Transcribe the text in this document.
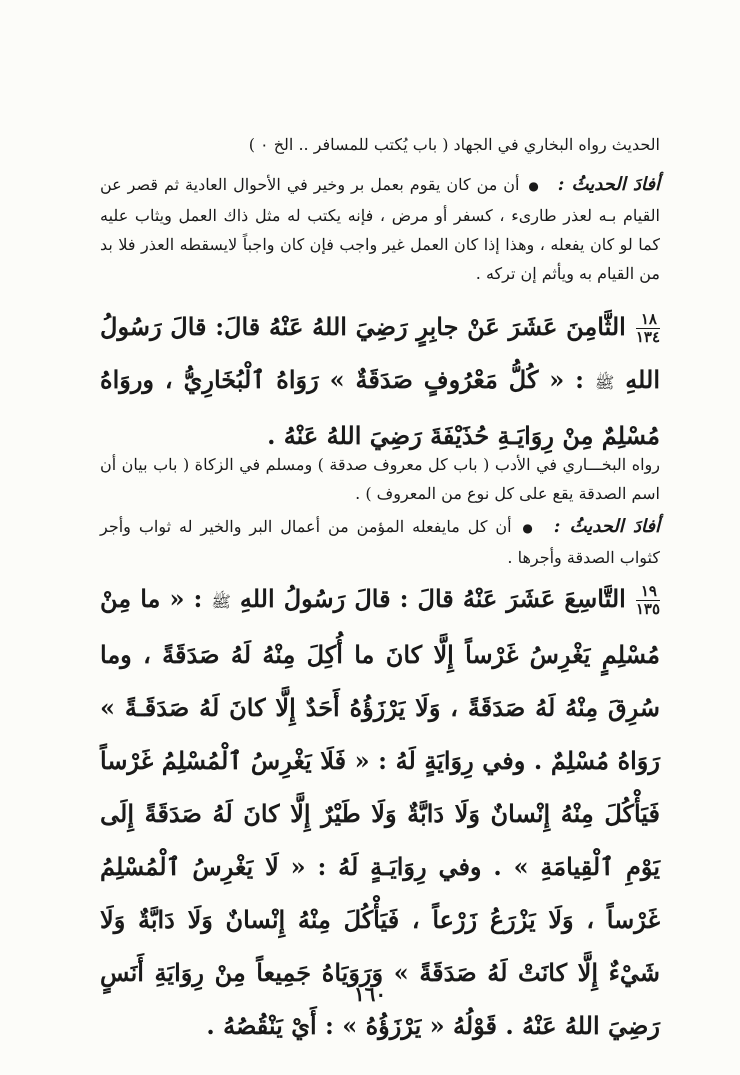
الحديث رواه البخاري في الجهاد ( باب يُكتب للمسافر .. الخ ٠ )
أفادَ الحديثُ :●أن من كان يقوم بعمل بر وخير في الأحوال العادية ثم قصر عن القيام بـه لعذر طارىء ، كسفر أو مرض ، فإنه يكتب له مثل ذاك العمل ويثاب عليه كما لو كان يفعله ، وهذا إذا كان العمل غير واجب فإن كان واجباً لايسقطه العذر فلا بد من القيام به ويأثم إن تركه .
١٨
١٣٤
الثَّامِنَ عَشَرَ عَنْ جابِرٍ رَضِيَ اللهُ عَنْهُ قالَ: قالَ رَسُولُ اللهِ ﷺ : « كُلُّ مَعْرُوفٍ صَدَقَةٌ » رَوَاهُ ٱلْبُخَارِيُّ ، وروَاهُ مُسْلِمٌ مِنْ رِوَايَـةِ حُذَيْفَةَ رَضِيَ اللهُ عَنْهُ .
رواه البخـــاري في الأدب ( باب كل معروف صدقة ) ومسلم في الزكاة ( باب بيان أن اسم الصدقة يقع على كل نوع من المعروف ) .
أفادَ الحديثُ :●أن كل مايفعله المؤمن من أعمال البر والخير له ثواب وأجر كثواب الصدقة وأجرها .
١٩
١٣٥
التَّاسِعَ عَشَرَ عَنْهُ قالَ : قالَ رَسُولُ اللهِ ﷺ : « ما مِنْ مُسْلِمٍ يَغْرِسُ غَرْساً إِلَّا كانَ ما أُكِلَ مِنْهُ لَهُ صَدَقَةً ، وما سُرِقَ مِنْهُ لَهُ صَدَقَةً ، وَلَا يَرْزَؤُهُ أَحَدٌ إِلَّا كانَ لَهُ صَدَقَـةً » رَوَاهُ مُسْلِمٌ . وفي رِوَايَةٍ لَهُ : « فَلَا يَغْرِسُ ٱلْمُسْلِمُ غَرْساً فَيَأْكُلَ مِنْهُ إِنْسانٌ وَلَا دَابَّةٌ وَلَا طَيْرٌ إِلَّا كانَ لَهُ صَدَقَةً إِلَى يَوْمِ ٱلْقِيامَةِ » . وفي رِوَايَـةٍ لَهُ : « لَا يَغْرِسُ ٱلْمُسْلِمُ غَرْساً ، وَلَا يَزْرَعُ زَرْعاً ، فَيَأْكُلَ مِنْهُ إِنْسانٌ وَلَا دَابَّةٌ وَلَا شَيْءٌ إِلَّا كانَتْ لَهُ صَدَقَةً » وَرَوَيَاهُ جَمِيعاً مِنْ رِوَايَةِ أَنَسٍ رَضِيَ اللهُ عَنْهُ . قَوْلُهُ « يَرْزَؤُهُ » : أَيْ يَنْقُصُهُ .
١٦٠
